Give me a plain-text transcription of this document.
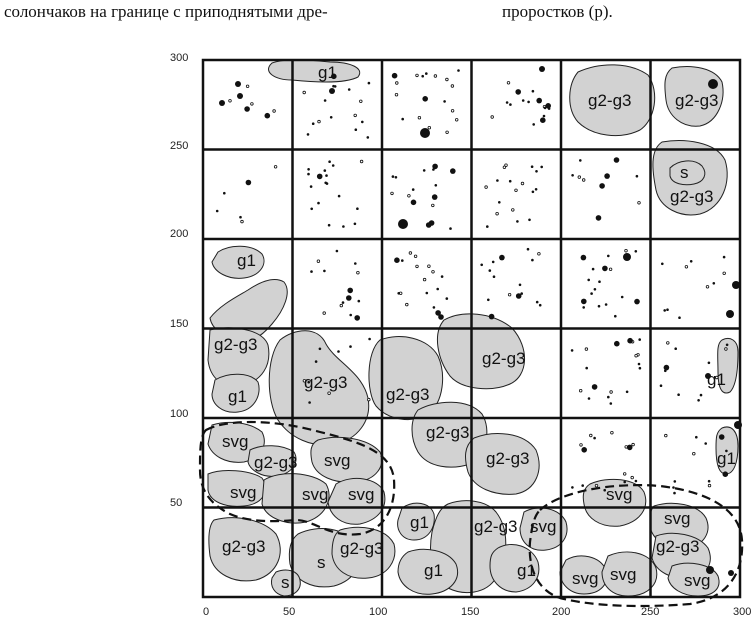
солончаков на границе с приподнятыми дре-	проростков (p).
300
250
200
150
100
50
0	50	100	150	200	250	300
g1
g2-g3	g2-g3
s
g2-g3
g1
g2-g3
g1
g2-g3
g2-g3
g2-g3
g2-g3
g2-g3
g1
g1
svg
g2-g3 svg
svg	svg svg
g1	g2-g3 svg
svg
svg
g2-g3
s
g2-g3
s
g1	g1
g2-g3
svg svg	svg
